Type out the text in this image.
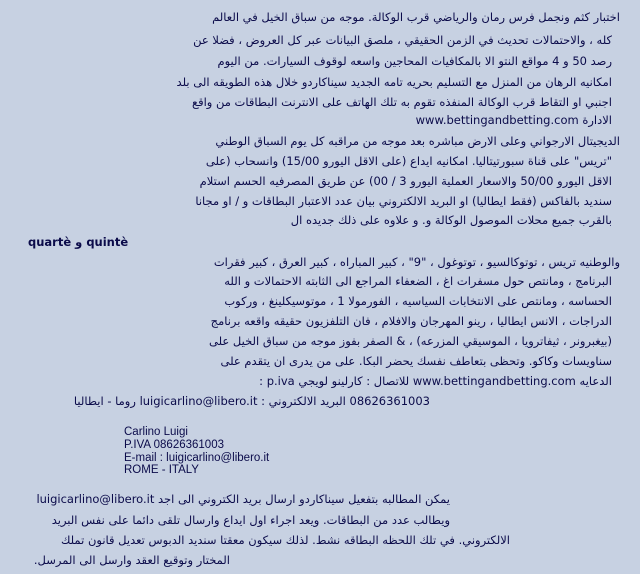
اختبار كثم ونجمل فرس رمان والرياضي قرب الوكالة. موجه من سباق الخيل في العالم
كله ، والاحتمالات تحديث في الزمن الحقيقي ، ملصق البيانات عبر كل العروض ، فضلا عن
رصد 50 و 4 مواقع النتو الا بالمكافيات المحاجين واسعه لوقوف السيارات. من اليوم
امكانيه الرهان من المنزل مع التسليم بحريه تامه الجديد سيناكاردو خلال هذه الطويقه الى بلد
اجنبي او التقاط قرب الوكالة المنفذه تقوم به تلك الهاتف على الانترنت البطاقات من واقع
الادارة www.bettingandbetting.com
الديجيتال الارجواني وعلى الارض مباشره بعد موجه من مراقبه كل يوم السباق الوطني
"تريس" على قناة سبورتيتاليا. امكانيه ايداع (على الاقل اليورو 15/00) وانسحاب (على
الاقل اليورو 50/00 والاسعار العملية اليورو 3 / 00) عن طريق المصرفيه الحسم استلام
سنديد بالفاكس (فقط ايطاليا) او البريد الالكتروني بيان عدد الاعتبار البطاقات و / او مجانا
بالقرب جميع محلات الموصول الوكالة و. و علاوه على ذلك جديده ال
quartè و quintè
والوطنيه تريس ، توتوكالسيو ، توتوغول ، "9" ، كبير المباراه ، كبير العرق ، كبير فقرات
البرنامج ، ومانتص حول مسفرات اغ ، الضعفاء المراجع الى الثابته الاحتمالات و الله
الحساسه ، ومانتص على الانتخابات السياسيه ، الفورمولا 1 ، موتوسيكلينغ ، وركوب
الدراجات ، الانس ايطاليا ، رينو المهرجان والافلام ، فان التلفزيون حقيقه واقعه برنامج
(بيغبرونر ، ثيفاترويا ، الموسيقي المزرعه) ، & الصفر بفوز موجه من سباق الخيل على
سناويسات وكاكو. وتحظى بتعاطف نفسك يحضر البكا. على من يدرى ان يتقدم على
الدعايه www.bettingandbetting.com للاتصال : كارلينو لويجي p.iva :
08626361003 البريد الالكتروني : luigicarlino@libero.it روما - ايطاليا
Carlino Luigi
P.IVA 08626361003
E-mail : luigicarlino@libero.it
ROME - ITALY
يمكن المطالبه بتفعيل سيناكاردو ارسال بريد الكتروني الى اجد luigicarlino@libero.it
ويطالب عدد من البطاقات. ويعد اجراء اول ايداع وارسال تلقى دائما على نفس البريد
الالكتروني. في تلك اللحظه البطاقه نشط. لذلك سيكون معقتا سنديد الدبوس تعديل قانون تملك
المختار وتوقيع العقد وارسل الى المرسل.
